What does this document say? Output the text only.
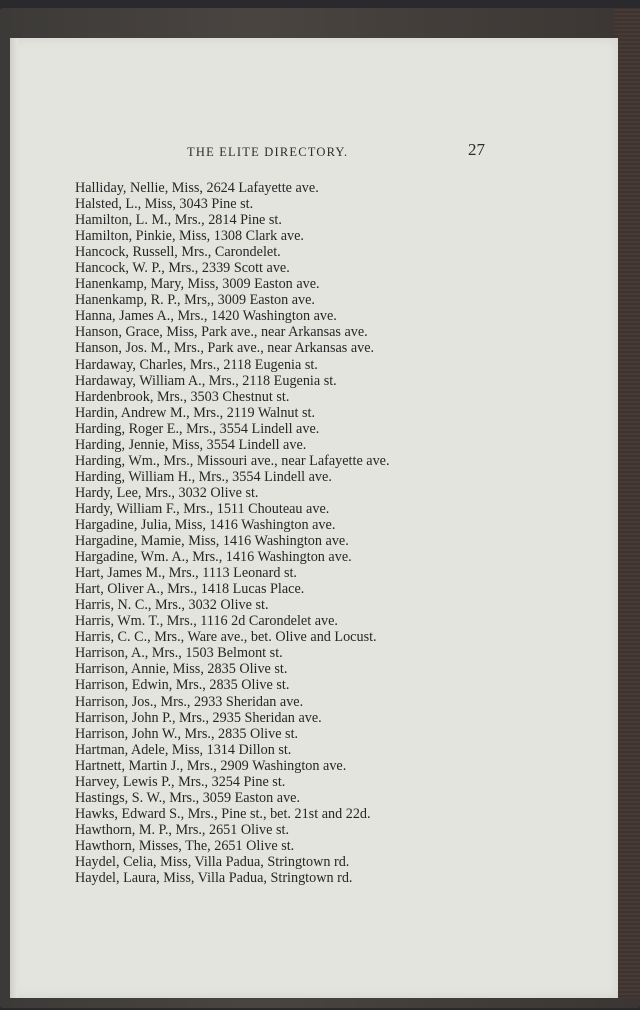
THE ELITE DIRECTORY.	27
Halliday, Nellie, Miss, 2624 Lafayette ave.
Halsted, L., Miss, 3043 Pine st.
Hamilton, L. M., Mrs., 2814 Pine st.
Hamilton, Pinkie, Miss, 1308 Clark ave.
Hancock, Russell, Mrs., Carondelet.
Hancock, W. P., Mrs., 2339 Scott ave.
Hanenkamp, Mary, Miss, 3009 Easton ave.
Hanenkamp, R. P., Mrs,, 3009 Easton ave.
Hanna, James A., Mrs., 1420 Washington ave.
Hanson, Grace, Miss, Park ave., near Arkansas ave.
Hanson, Jos. M., Mrs., Park ave., near Arkansas ave.
Hardaway, Charles, Mrs., 2118 Eugenia st.
Hardaway, William A., Mrs., 2118 Eugenia st.
Hardenbrook, Mrs., 3503 Chestnut st.
Hardin, Andrew M., Mrs., 2119 Walnut st.
Harding, Roger E., Mrs., 3554 Lindell ave.
Harding, Jennie, Miss, 3554 Lindell ave.
Harding, Wm., Mrs., Missouri ave., near Lafayette ave.
Harding, William H., Mrs., 3554 Lindell ave.
Hardy, Lee, Mrs., 3032 Olive st.
Hardy, William F., Mrs., 1511 Chouteau ave.
Hargadine, Julia, Miss, 1416 Washington ave.
Hargadine, Mamie, Miss, 1416 Washington ave.
Hargadine, Wm. A., Mrs., 1416 Washington ave.
Hart, James M., Mrs., 1113 Leonard st.
Hart, Oliver A., Mrs., 1418 Lucas Place.
Harris, N. C., Mrs., 3032 Olive st.
Harris, Wm. T., Mrs., 1116 2d Carondelet ave.
Harris, C. C., Mrs., Ware ave., bet. Olive and Locust.
Harrison, A., Mrs., 1503 Belmont st.
Harrison, Annie, Miss, 2835 Olive st.
Harrison, Edwin, Mrs., 2835 Olive st.
Harrison, Jos., Mrs., 2933 Sheridan ave.
Harrison, John P., Mrs., 2935 Sheridan ave.
Harrison, John W., Mrs., 2835 Olive st.
Hartman, Adele, Miss, 1314 Dillon st.
Hartnett, Martin J., Mrs., 2909 Washington ave.
Harvey, Lewis P., Mrs., 3254 Pine st.
Hastings, S. W., Mrs., 3059 Easton ave.
Hawks, Edward S., Mrs., Pine st., bet. 21st and 22d.
Hawthorn, M. P., Mrs., 2651 Olive st.
Hawthorn, Misses, The, 2651 Olive st.
Haydel, Celia, Miss, Villa Padua, Stringtown rd.
Haydel, Laura, Miss, Villa Padua, Stringtown rd.
